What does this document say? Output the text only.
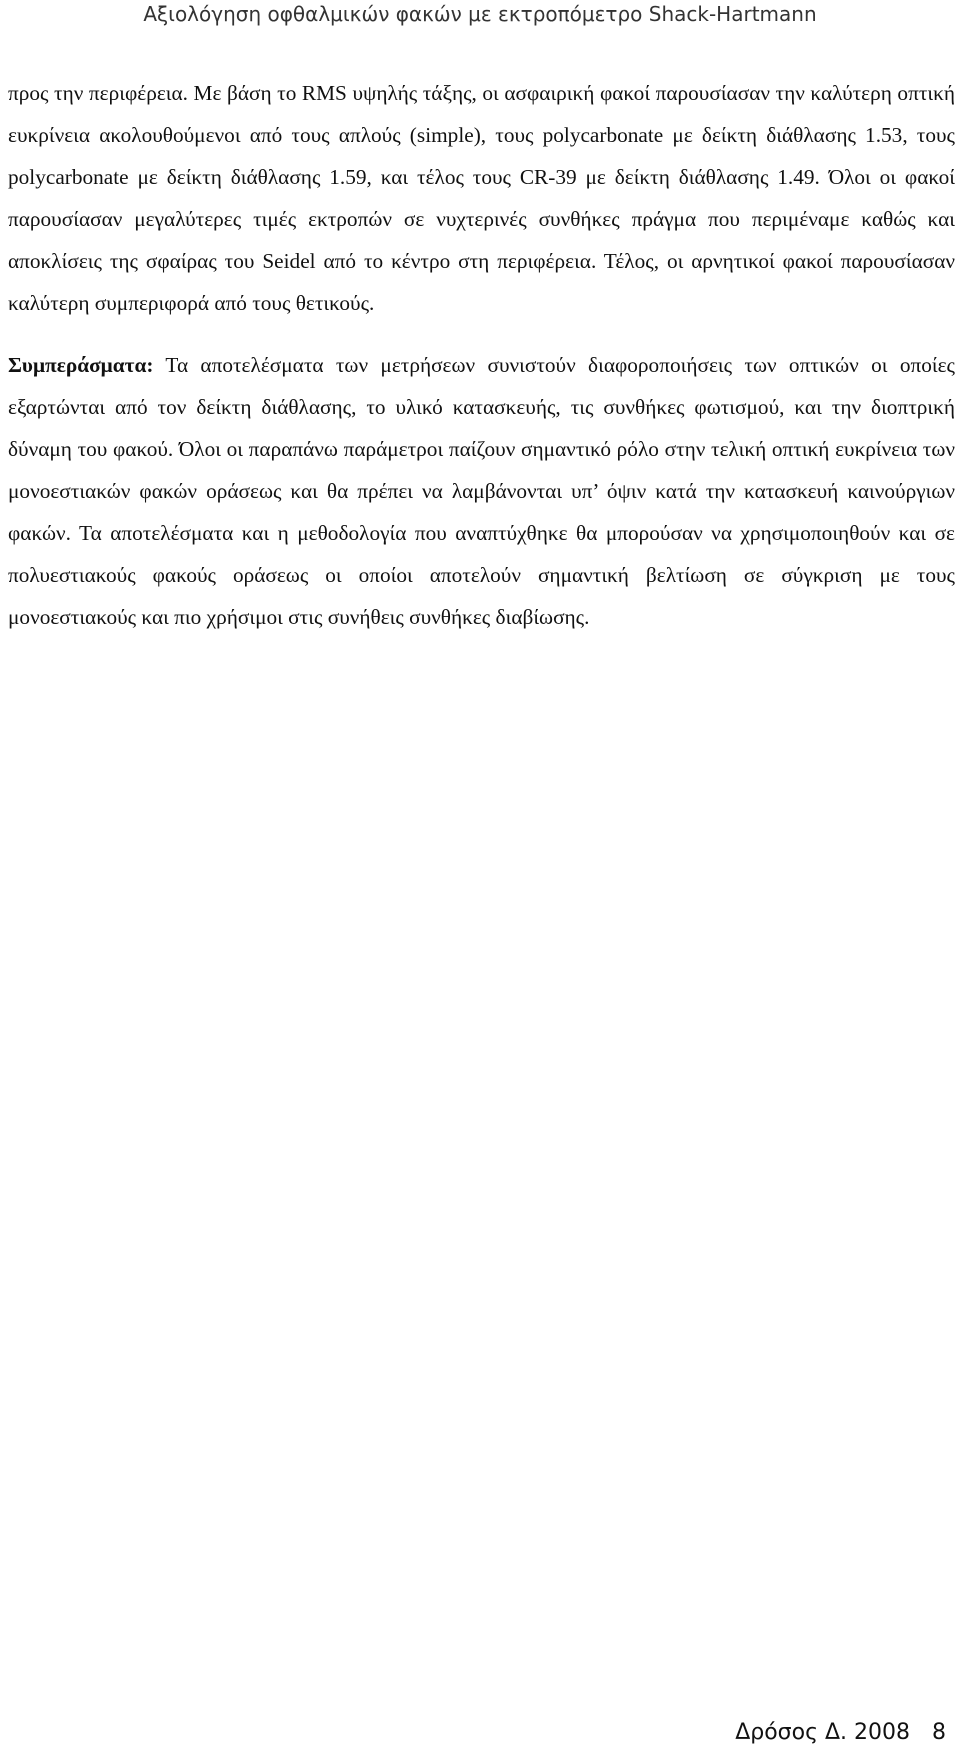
Αξιολόγηση οφθαλμικών φακών με εκτροπόμετρο Shack-Hartmann

προς την περιφέρεια. Με βάση το RMS υψηλής τάξης, οι ασφαιρική φακοί παρουσίασαν την καλύτερη οπτική ευκρίνεια ακολουθούμενοι από τους απλούς (simple), τους polycarbonate με δείκτη διάθλασης 1.53, τους polycarbonate με δείκτη διάθλασης 1.59, και τέλος τους CR-39 με δείκτη διάθλασης 1.49. Όλοι οι φακοί παρουσίασαν μεγαλύτερες τιμές εκτροπών σε νυχτερινές συνθήκες πράγμα που περιμέναμε καθώς και αποκλίσεις της σφαίρας του Seidel από το κέντρο στη περιφέρεια. Τέλος, οι αρνητικοί φακοί παρουσίασαν καλύτερη συμπεριφορά από τους θετικούς.

Συμπεράσματα: Τα αποτελέσματα των μετρήσεων συνιστούν διαφοροποιήσεις των οπτικών οι οποίες εξαρτώνται από τον δείκτη διάθλασης, το υλικό κατασκευής, τις συνθήκες φωτισμού, και την διοπτρική δύναμη του φακού. Όλοι οι παραπάνω παράμετροι παίζουν σημαντικό ρόλο στην τελική οπτική ευκρίνεια των μονοεστιακών φακών οράσεως και θα πρέπει να λαμβάνονται υπ’ όψιν κατά την κατασκευή καινούργιων φακών. Τα αποτελέσματα και η μεθοδολογία που αναπτύχθηκε θα μπορούσαν να χρησιμοποιηθούν και σε πολυεστιακούς φακούς οράσεως οι οποίοι αποτελούν σημαντική βελτίωση σε σύγκριση με τους μονοεστιακούς και πιο χρήσιμοι στις συνήθεις συνθήκες διαβίωσης.

Δρόσος Δ. 2008 8
